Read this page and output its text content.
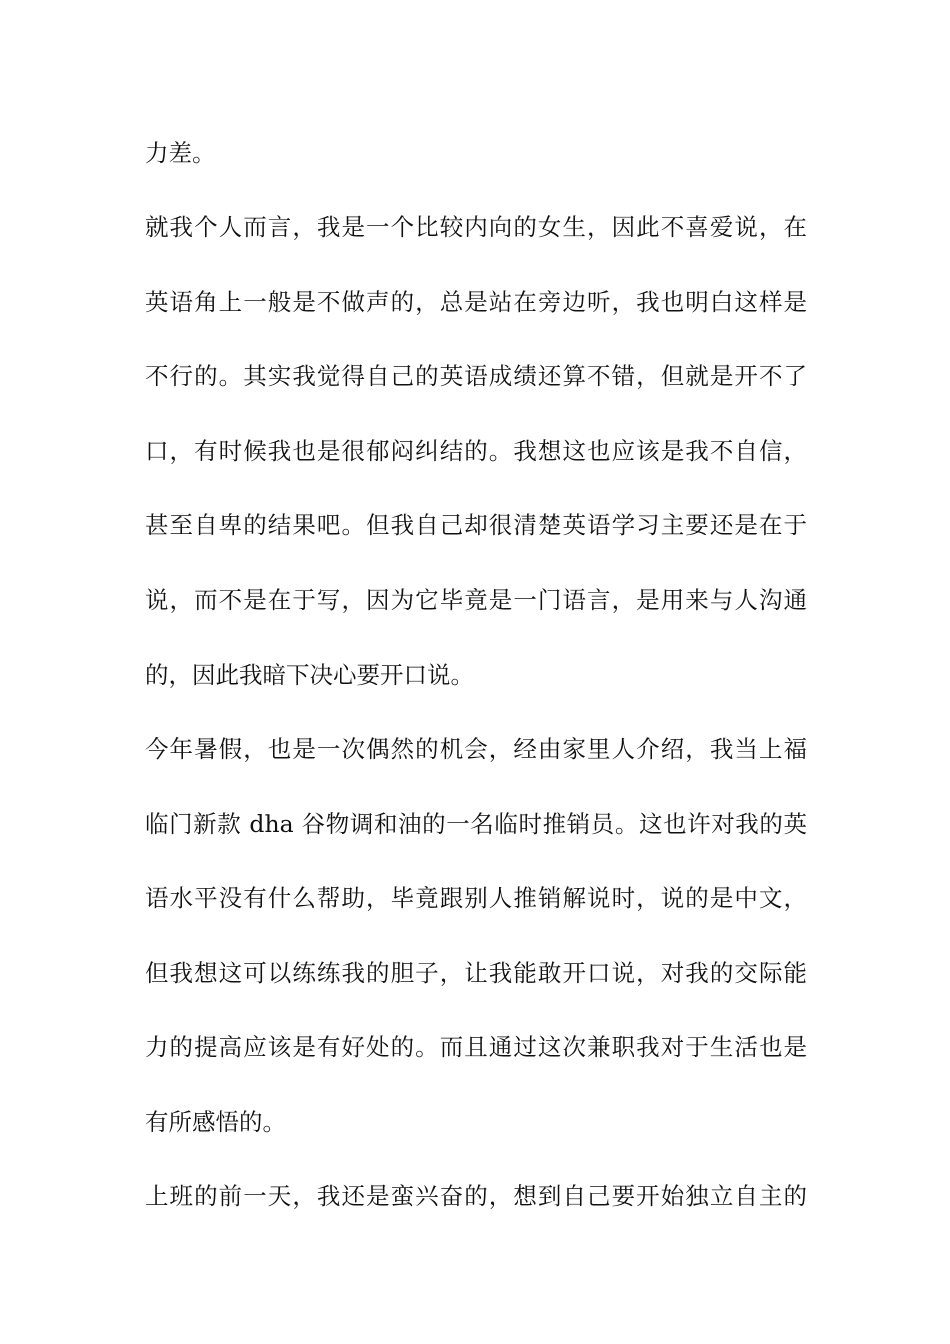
力差。
就我个人而言，我是一个比较内向的女生，因此不喜爱说，在
英语角上一般是不做声的，总是站在旁边听，我也明白这样是
不行的。其实我觉得自己的英语成绩还算不错，但就是开不了
口，有时候我也是很郁闷纠结的。我想这也应该是我不自信，
甚至自卑的结果吧。但我自己却很清楚英语学习主要还是在于
说，而不是在于写，因为它毕竟是一门语言，是用来与人沟通
的，因此我暗下决心要开口说。
今年暑假，也是一次偶然的机会，经由家里人介绍，我当上福
临门新款 dha 谷物调和油的一名临时推销员。这也许对我的英
语水平没有什么帮助，毕竟跟别人推销解说时，说的是中文，
但我想这可以练练我的胆子，让我能敢开口说，对我的交际能
力的提高应该是有好处的。而且通过这次兼职我对于生活也是
有所感悟的。
上班的前一天，我还是蛮兴奋的，想到自己要开始独立自主的
